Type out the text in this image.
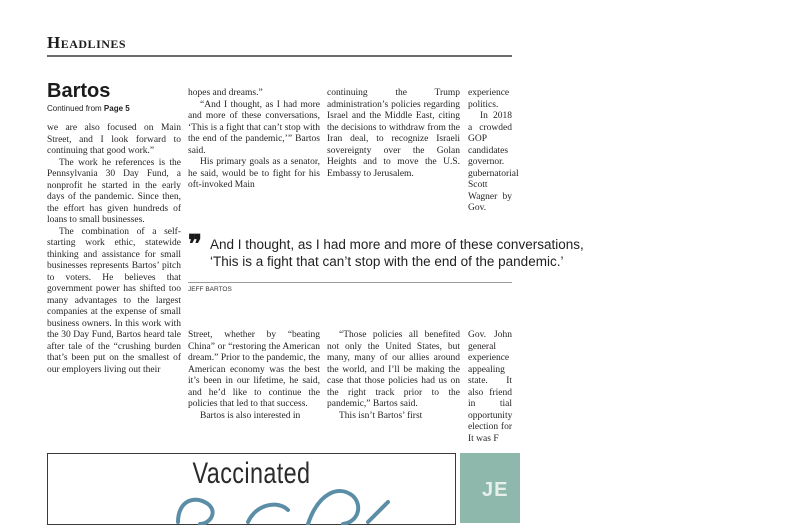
Headlines
Bartos
Continued from Page 5

we are also focused on Main Street, and I look forward to continuing that good work.”

The work he references is the Pennsylvania 30 Day Fund, a nonprofit he started in the early days of the pandemic. Since then, the effort has given hundreds of loans to small businesses.

The combination of a self-starting work ethic, statewide thinking and assistance for small businesses represents Bartos’ pitch to voters. He believes that government power has shifted too many advantages to the largest companies at the expense of small business owners. In this work with the 30 Day Fund, Bartos heard tale after tale of the “crushing burden that’s been put on the smallest of our employers living out their

hopes and dreams.”

“And I thought, as I had more and more of these conversations, ‘This is a fight that can’t stop with the end of the pandemic,’” Bartos said.

His primary goals as a senator, he said, would be to fight for his oft-invoked Main

continuing the Trump administration’s policies regarding Israel and the Middle East, citing the decisions to withdraw from the Iran deal, to recognize Israeli sovereignty over the Golan Heights and to move the U.S. Embassy to Jerusalem.

experience politics.

In 2018 a crowded GOP candidates governor. gubernatorial Scott Wagner by Gov.

❞ And I thought, as I had more and more of these conversations,
‘This is a fight that can’t stop with the end of the pandemic.’
JEFF BARTOS

Street, whether by “beating China” or “restoring the American dream.” Prior to the pandemic, the American economy was the best it’s been in our lifetime, he said, and he’d like to continue the policies that led to that success.

Bartos is also interested in

“Those policies all benefited not only the United States, but many, many of our allies around the world, and I’ll be making the case that those policies had us on the right track prior to the pandemic,” Bartos said.

This isn’t Bartos’ first

Gov. John general experience appealing state. It also friend in tial opportunity election for It was F

Vaccinated	JE
